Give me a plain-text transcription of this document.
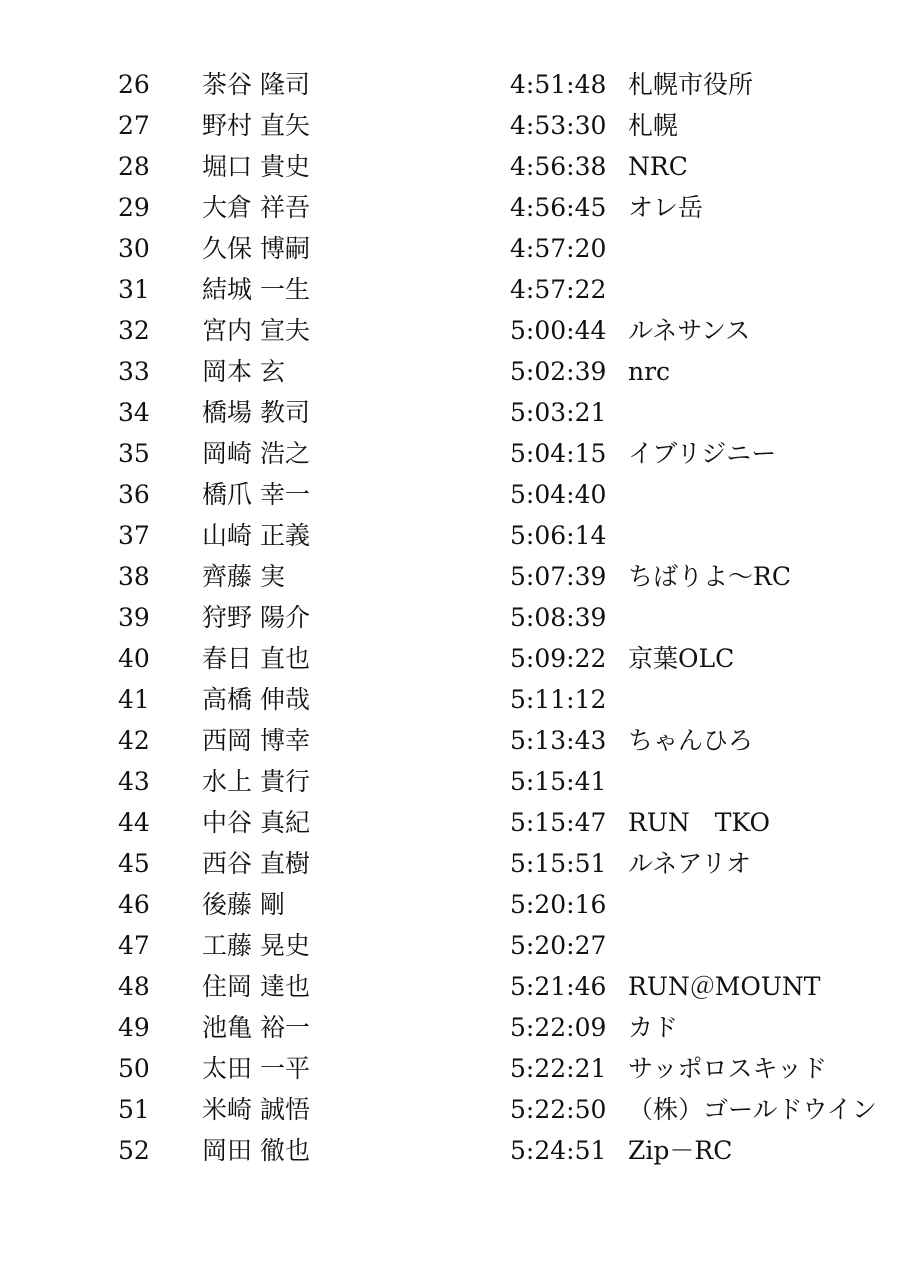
26 茶谷 隆司	4:51:48 札幌市役所
27 野村 直矢	4:53:30 札幌
28 堀口 貴史	4:56:38 NRC
29 大倉 祥吾	4:56:45 オレ岳
30 久保 博嗣	4:57:20
31 結城 一生	4:57:22
32 宮内 宣夫	5:00:44 ルネサンス
33 岡本 玄	5:02:39 nrc
34 橋場 教司	5:03:21
35 岡崎 浩之	5:04:15 イブリジニー
36 橋爪 幸一	5:04:40
37 山崎 正義	5:06:14
38 齊藤 実	5:07:39 ちばりよ～RC
39 狩野 陽介	5:08:39
40 春日 直也	5:09:22 京葉OLC
41 高橋 伸哉	5:11:12
42 西岡 博幸	5:13:43 ちゃんひろ
43 水上 貴行	5:15:41
44 中谷 真紀	5:15:47 RUN　TKO
45 西谷 直樹	5:15:51 ルネアリオ
46 後藤 剛	5:20:16
47 工藤 晃史	5:20:27
48 住岡 達也	5:21:46 RUN＠MOUNT
49 池亀 裕一	5:22:09 カド
50 太田 一平	5:22:21 サッポロスキッド
51 米崎 誠悟	5:22:50 （株）ゴールドウイン
52 岡田 徹也	5:24:51 Zip－RC
